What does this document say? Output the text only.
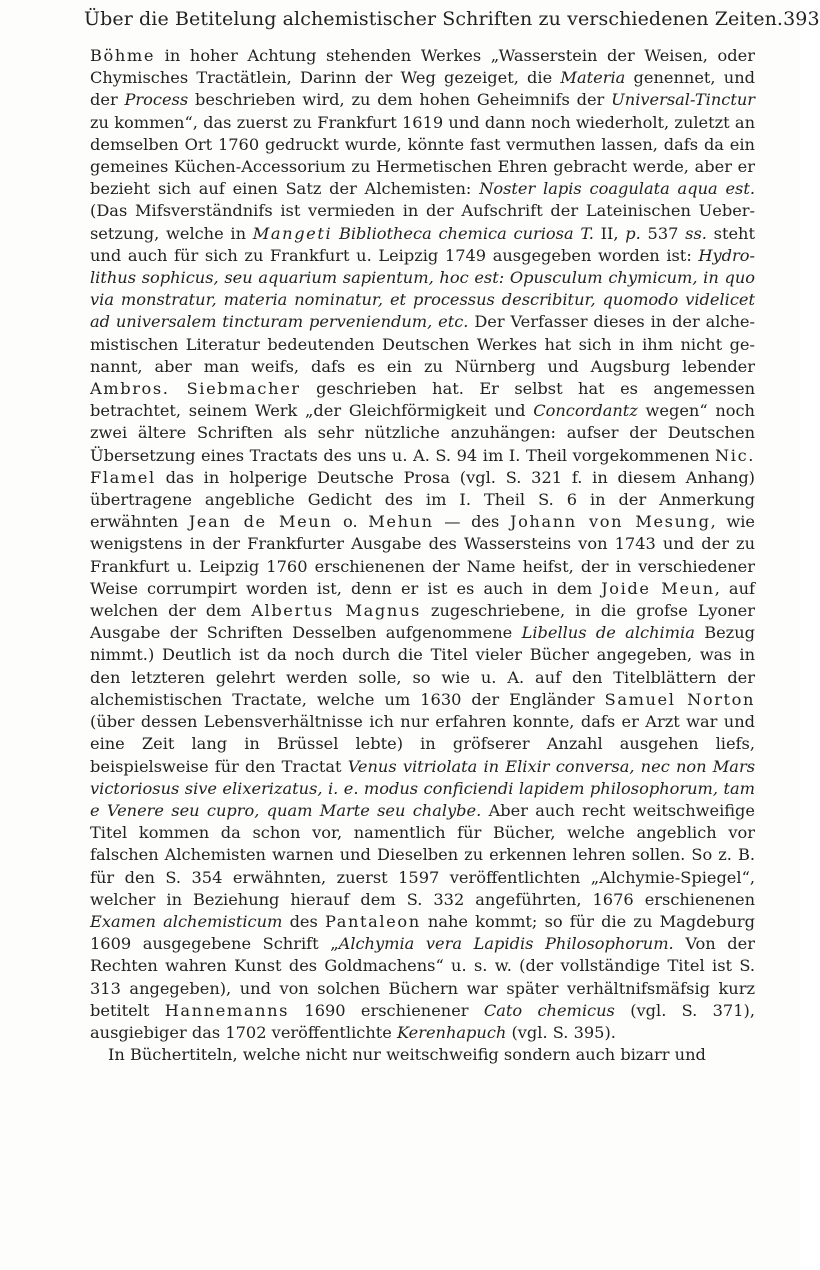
Über die Betitelung alchemistischer Schriften zu verschiedenen Zeiten. 393

Böhme in hoher Achtung stehenden Werkes „Wasserstein der Weisen, oder Chymisches Tractätlein, Darinn der Weg gezeiget, die Materia genennet, und der Process beschrieben wird, zu dem hohen Geheimnifs der Universal-Tinctur zu kommen“, das zuerst zu Frankfurt 1619 und dann noch wiederholt, zuletzt an demselben Ort 1760 gedruckt wurde, könnte fast vermuthen lassen, dafs da ein gemeines Küchen-Accessorium zu Hermetischen Ehren gebracht werde, aber er bezieht sich auf einen Satz der Alchemisten: Noster lapis coagulata aqua est. (Das Mifsverständnifs ist vermieden in der Aufschrift der Lateinischen Uebersetzung, welche in Mangeti Bibliotheca chemica curiosa T. II, p. 537 ss. steht und auch für sich zu Frankfurt u. Leipzig 1749 ausgegeben worden ist: Hydrolithus sophicus, seu aquarium sapientum, hoc est: Opusculum chymicum, in quo via monstratur, materia nominatur, et processus describitur, quomodo videlicet ad universalem tincturam perveniendum, etc. Der Verfasser dieses in der alchemistischen Literatur bedeutenden Deutschen Werkes hat sich in ihm nicht genannt, aber man weifs, dafs es ein zu Nürnberg und Augsburg lebender Ambros. Siebmacher geschrieben hat. Er selbst hat es angemessen betrachtet, seinem Werk „der Gleichförmigkeit und Concordantz wegen“ noch zwei ältere Schriften als sehr nützliche anzuhängen: aufser der Deutschen Übersetzung eines Tractats des uns u. A. S. 94 im I. Theil vorgekommenen Nic. Flamel das in holperige Deutsche Prosa (vgl. S. 321 f. in diesem Anhang) übertragene angebliche Gedicht des im I. Theil S. 6 in der Anmerkung erwähnten Jean de Meun o. Mehun — des Johann von Mesung, wie wenigstens in der Frankfurter Ausgabe des Wassersteins von 1743 und der zu Frankfurt u. Leipzig 1760 erschienenen der Name heifst, der in verschiedener Weise corrumpirt worden ist, denn er ist es auch in dem Joide Meun, auf welchen der dem Albertus Magnus zugeschriebene, in die grofse Lyoner Ausgabe der Schriften Desselben aufgenommene Libellus de alchimia Bezug nimmt.) Deutlich ist da noch durch die Titel vieler Bücher angegeben, was in den letzteren gelehrt werden solle, so wie u. A. auf den Titelblättern der alchemistischen Tractate, welche um 1630 der Engländer Samuel Norton (über dessen Lebensverhältnisse ich nur erfahren konnte, dafs er Arzt war und eine Zeit lang in Brüssel lebte) in gröfserer Anzahl ausgehen liefs, beispielsweise für den Tractat Venus vitriolata in Elixir conversa, nec non Mars victoriosus sive elixerizatus, i. e. modus conficiendi lapidem philosophorum, tam e Venere seu cupro, quam Marte seu chalybe. Aber auch recht weitschweifige Titel kommen da schon vor, namentlich für Bücher, welche angeblich vor falschen Alchemisten warnen und Dieselben zu erkennen lehren sollen. So z. B. für den S. 354 erwähnten, zuerst 1597 veröffentlichten „Alchymie-Spiegel“, welcher in Beziehung hierauf dem S. 332 angeführten, 1676 erschienenen Examen alchemisticum des Pantaleon nahe kommt; so für die zu Magdeburg 1609 ausgegebene Schrift „Alchymia vera Lapidis Philosophorum. Von der Rechten wahren Kunst des Goldmachens“ u. s. w. (der vollständige Titel ist S. 313 angegeben), und von solchen Büchern war später verhältnifsmäfsig kurz betitelt Hannemanns 1690 erschienener Cato chemicus (vgl. S. 371), ausgiebiger das 1702 veröffentlichte Kerenhapuch (vgl. S. 395).

In Büchertiteln, welche nicht nur weitschweifig sondern auch bizarr und
